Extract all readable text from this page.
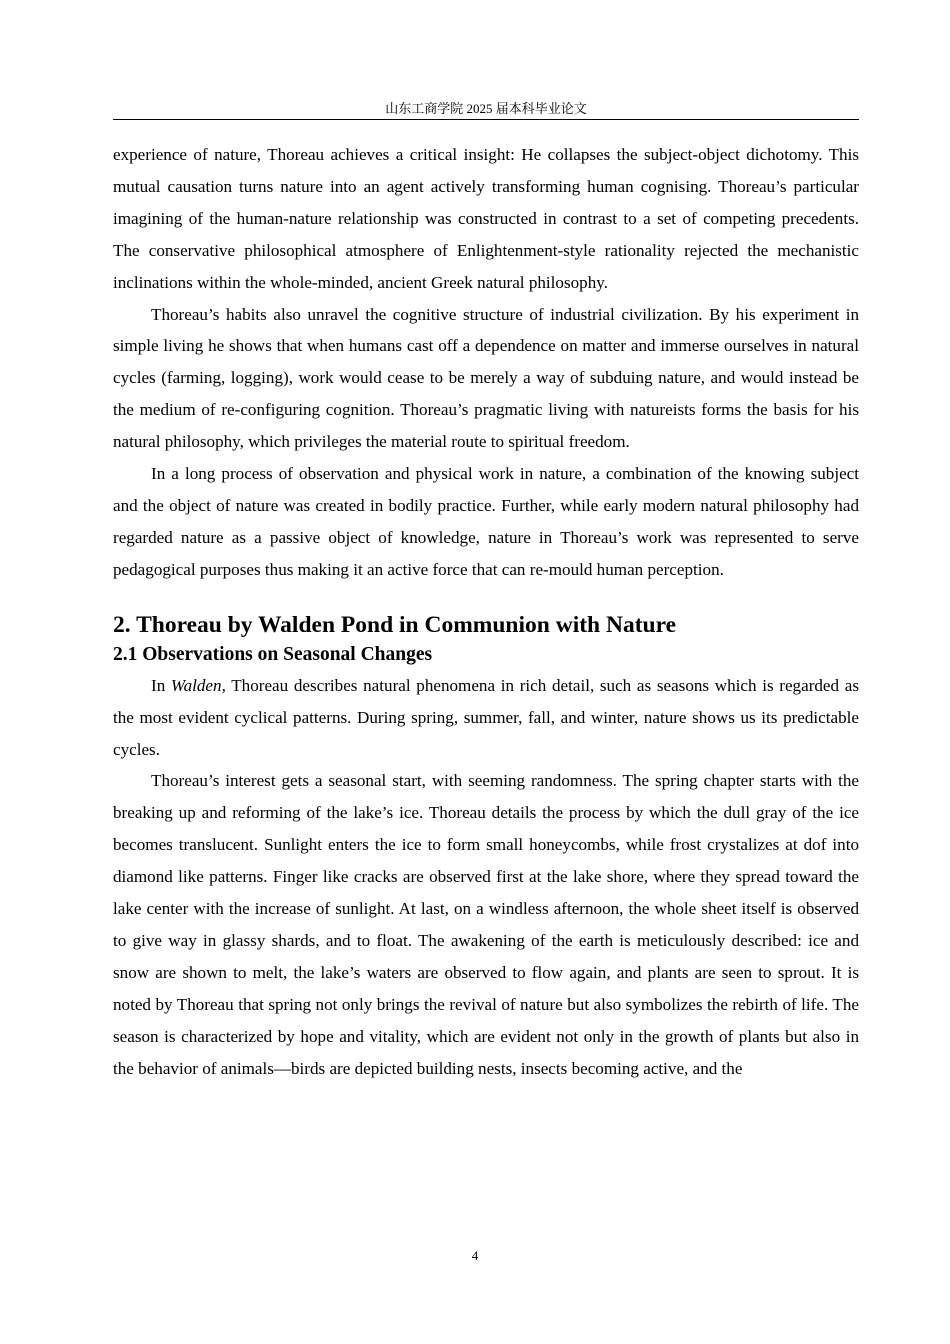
山东工商学院 2025 届本科毕业论文

experience of nature, Thoreau achieves a critical insight: He collapses the subject-object dichotomy. This mutual causation turns nature into an agent actively transforming human cognising. Thoreau’s particular imagining of the human-nature relationship was constructed in contrast to a set of competing precedents. The conservative philosophical atmosphere of Enlightenment-style rationality rejected the mechanistic inclinations within the whole-minded, ancient Greek natural philosophy.

Thoreau’s habits also unravel the cognitive structure of industrial civilization. By his experiment in simple living he shows that when humans cast off a dependence on matter and immerse ourselves in natural cycles (farming, logging), work would cease to be merely a way of subduing nature, and would instead be the medium of re-configuring cognition. Thoreau’s pragmatic living with natureists forms the basis for his natural philosophy, which privileges the material route to spiritual freedom.

In a long process of observation and physical work in nature, a combination of the knowing subject and the object of nature was created in bodily practice. Further, while early modern natural philosophy had regarded nature as a passive object of knowledge, nature in Thoreau’s work was represented to serve pedagogical purposes thus making it an active force that can re-mould human perception.

2. Thoreau by Walden Pond in Communion with Nature
2.1 Observations on Seasonal Changes

In Walden, Thoreau describes natural phenomena in rich detail, such as seasons which is regarded as the most evident cyclical patterns. During spring, summer, fall, and winter, nature shows us its predictable cycles.

Thoreau’s interest gets a seasonal start, with seeming randomness. The spring chapter starts with the breaking up and reforming of the lake’s ice. Thoreau details the process by which the dull gray of the ice becomes translucent. Sunlight enters the ice to form small honeycombs, while frost crystalizes at dof into diamond like patterns. Finger like cracks are observed first at the lake shore, where they spread toward the lake center with the increase of sunlight. At last, on a windless afternoon, the whole sheet itself is observed to give way in glassy shards, and to float. The awakening of the earth is meticulously described: ice and snow are shown to melt, the lake’s waters are observed to flow again, and plants are seen to sprout. It is noted by Thoreau that spring not only brings the revival of nature but also symbolizes the rebirth of life. The season is characterized by hope and vitality, which are evident not only in the growth of plants but also in the behavior of animals—birds are depicted building nests, insects becoming active, and the

4
